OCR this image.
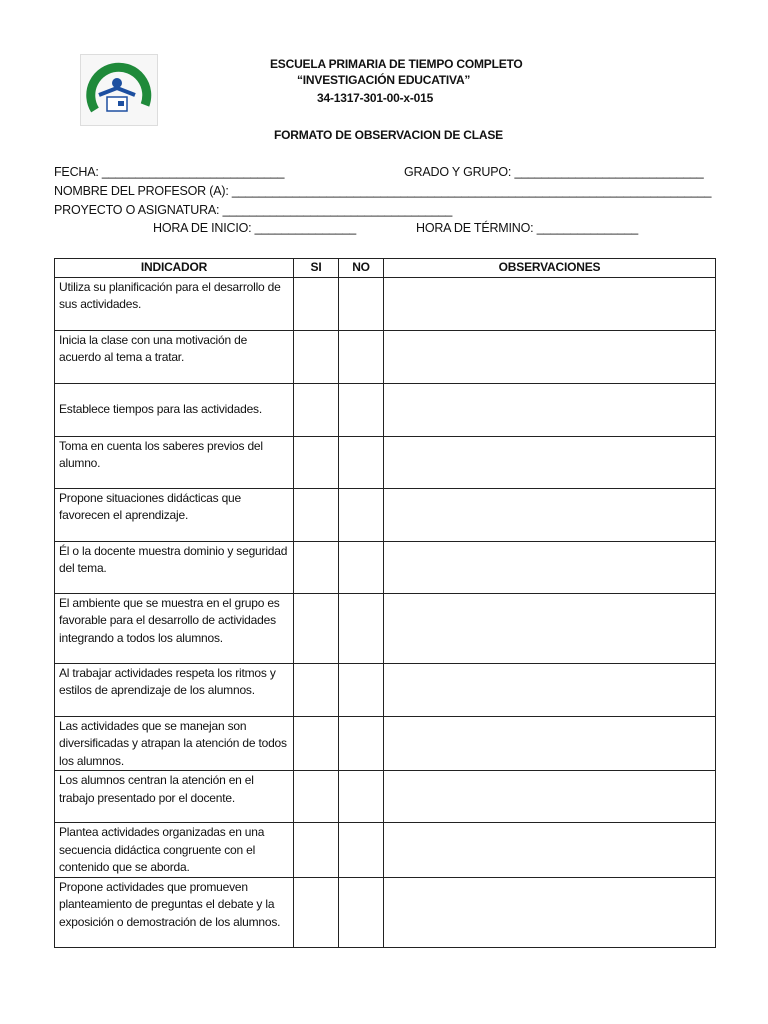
ESCUELA PRIMARIA DE TIEMPO COMPLETO
“INVESTIGACIÓN EDUCATIVA”
34-1317-301-00-x-015
FORMATO DE OBSERVACION DE CLASE
FECHA: ___________________________	GRADO Y GRUPO: ____________________________
NOMBRE DEL PROFESOR (A): _______________________________________________________________________
PROYECTO O ASIGNATURA: __________________________________
HORA DE INICIO: _______________	HORA DE TÉRMINO: _______________
INDICADOR	SI	NO	OBSERVACIONES
Utiliza su planificación para el desarrollo de sus actividades.			
Inicia la clase con una motivación de acuerdo al tema a tratar.			
Establece tiempos para las actividades.			
Toma en cuenta los saberes previos del alumno.			
Propone situaciones didácticas que favorecen el aprendizaje.			
Él o la docente muestra dominio y seguridad del tema.			
El ambiente que se muestra en el grupo es favorable para el desarrollo de actividades integrando a todos los alumnos.			
Al trabajar actividades respeta los ritmos y estilos de aprendizaje de los alumnos.			
Las actividades que se manejan son diversificadas y atrapan la atención de todos los alumnos.			
Los alumnos centran la atención en el trabajo presentado por el docente.			
Plantea actividades organizadas en una secuencia didáctica congruente con el contenido que se aborda.			
Propone actividades que promueven planteamiento de preguntas el debate y la exposición o demostración de los alumnos.			
